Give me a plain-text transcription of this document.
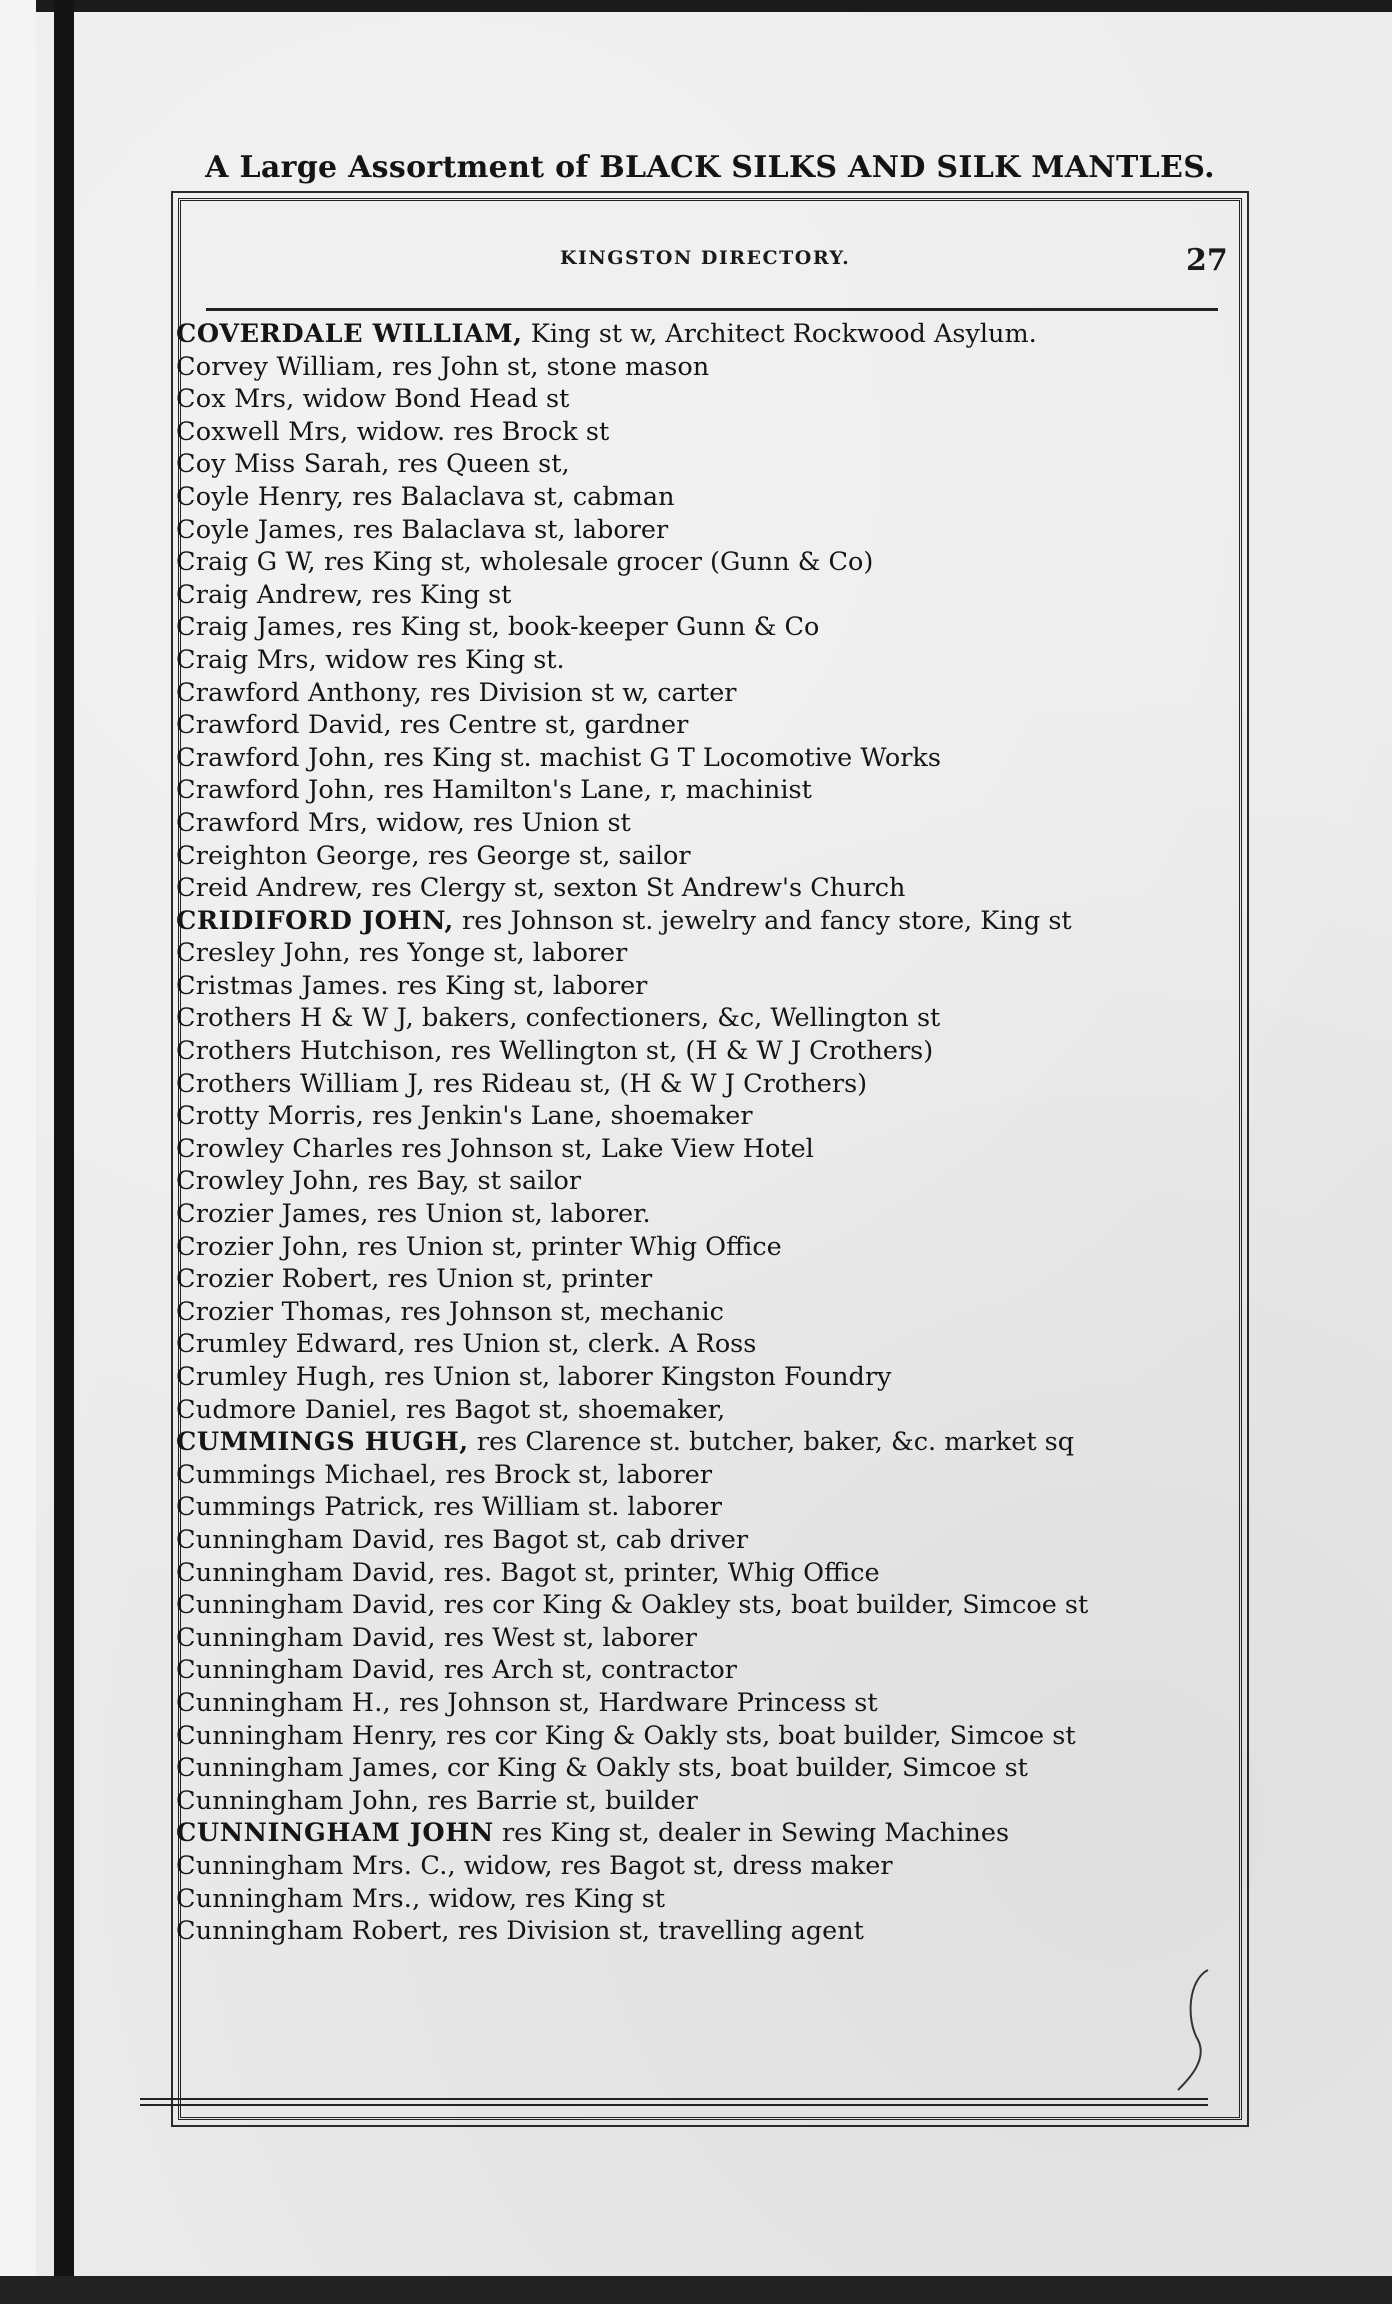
A Large Assortment of BLACK SILKS AND SILK MANTLES.
KINGSTON DIRECTORY.	27
COVERDALE WILLIAM, King st w, Architect Rockwood Asylum.
Corvey William, res John st, stone mason
Cox Mrs, widow Bond Head st
Coxwell Mrs, widow. res Brock st
Coy Miss Sarah, res Queen st,
Coyle Henry, res Balaclava st, cabman
Coyle James, res Balaclava st, laborer
Craig G W, res King st, wholesale grocer (Gunn & Co)
Craig Andrew, res King st
Craig James, res King st, book-keeper Gunn & Co
Craig Mrs, widow res King st.
Crawford Anthony, res Division st w, carter
Crawford David, res Centre st, gardner
Crawford John, res King st. machist G T Locomotive Works
Crawford John, res Hamilton's Lane, r, machinist
Crawford Mrs, widow, res Union st
Creighton George, res George st, sailor
Creid Andrew, res Clergy st, sexton St Andrew's Church
CRIDIFORD JOHN, res Johnson st. jewelry and fancy store, King st
Cresley John, res Yonge st, laborer
Cristmas James. res King st, laborer
Crothers H & W J, bakers, confectioners, &c, Wellington st
Crothers Hutchison, res Wellington st, (H & W J Crothers)
Crothers William J, res Rideau st, (H & W J Crothers)
Crotty Morris, res Jenkin's Lane, shoemaker
Crowley Charles res Johnson st, Lake View Hotel
Crowley John, res Bay, st sailor
Crozier James, res Union st, laborer.
Crozier John, res Union st, printer Whig Office
Crozier Robert, res Union st, printer
Crozier Thomas, res Johnson st, mechanic
Crumley Edward, res Union st, clerk. A Ross
Crumley Hugh, res Union st, laborer Kingston Foundry
Cudmore Daniel, res Bagot st, shoemaker,
CUMMINGS HUGH, res Clarence st. butcher, baker, &c. market sq
Cummings Michael, res Brock st, laborer
Cummings Patrick, res William st. laborer
Cunningham David, res Bagot st, cab driver
Cunningham David, res. Bagot st, printer, Whig Office
Cunningham David, res cor King & Oakley sts, boat builder, Simcoe st
Cunningham David, res West st, laborer
Cunningham David, res Arch st, contractor
Cunningham H., res Johnson st, Hardware Princess st
Cunningham Henry, res cor King & Oakly sts, boat builder, Simcoe st
Cunningham James, cor King & Oakly sts, boat builder, Simcoe st
Cunningham John, res Barrie st, builder
CUNNINGHAM JOHN res King st, dealer in Sewing Machines
Cunningham Mrs. C., widow, res Bagot st, dress maker
Cunningham Mrs., widow, res King st
Cunningham Robert, res Division st, travelling agent
